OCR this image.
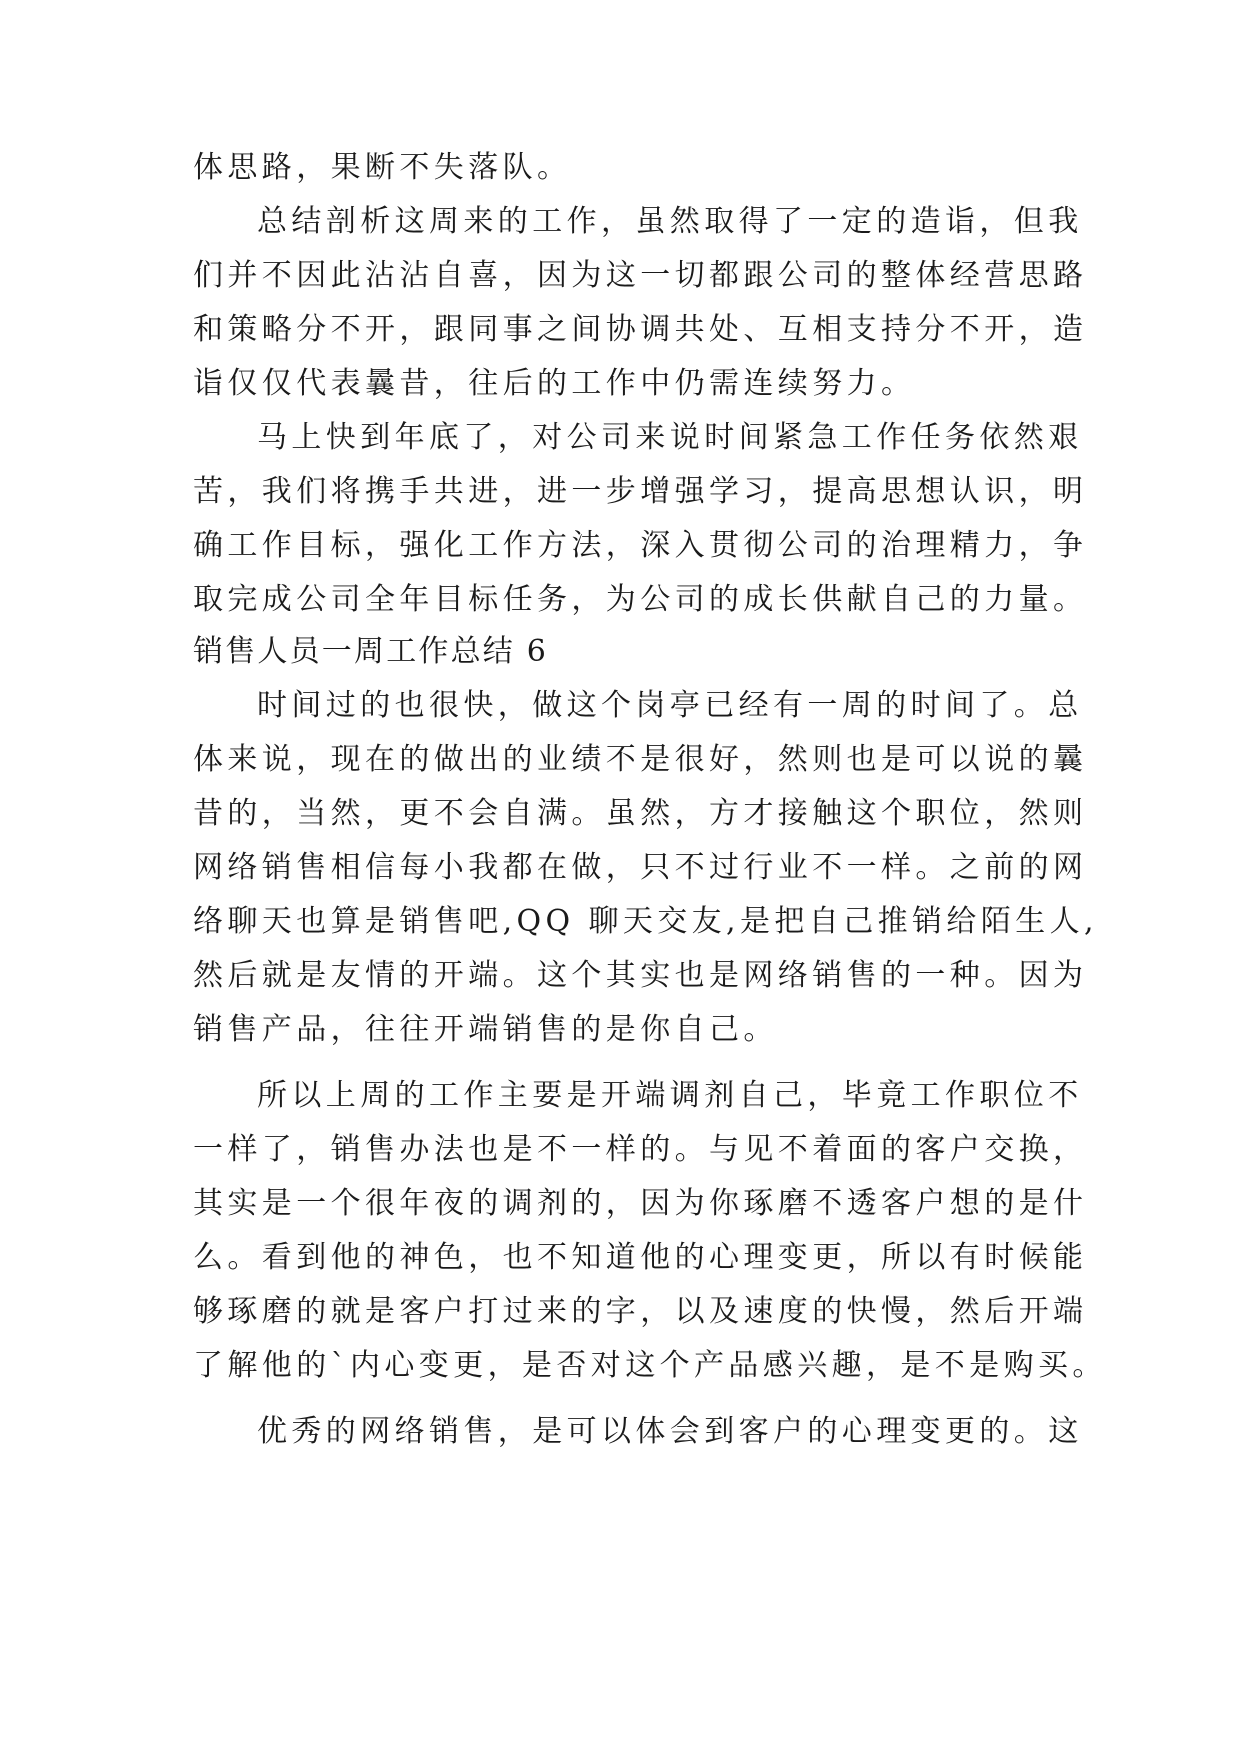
体思路，果断不失落队。
总结剖析这周来的工作，虽然取得了一定的造诣，但我
们并不因此沾沾自喜，因为这一切都跟公司的整体经营思路
和策略分不开，跟同事之间协调共处、互相支持分不开，造
诣仅仅代表曩昔，往后的工作中仍需连续努力。
马上快到年底了，对公司来说时间紧急工作任务依然艰
苦，我们将携手共进，进一步增强学习，提高思想认识，明
确工作目标，强化工作方法，深入贯彻公司的治理精力，争
取完成公司全年目标任务，为公司的成长供献自己的力量。
销售人员一周工作总结 6
时间过的也很快，做这个岗亭已经有一周的时间了。总
体来说，现在的做出的业绩不是很好，然则也是可以说的曩
昔的，当然，更不会自满。虽然，方才接触这个职位，然则
网络销售相信每小我都在做，只不过行业不一样。之前的网
络聊天也算是销售吧,QQ 聊天交友,是把自己推销给陌生人,
然后就是友情的开端。这个其实也是网络销售的一种。因为
销售产品，往往开端销售的是你自己。
所以上周的工作主要是开端调剂自己，毕竟工作职位不
一样了，销售办法也是不一样的。与见不着面的客户交换，
其实是一个很年夜的调剂的，因为你琢磨不透客户想的是什
么。看到他的神色，也不知道他的心理变更，所以有时候能
够琢磨的就是客户打过来的字，以及速度的快慢，然后开端
了解他的`内心变更，是否对这个产品感兴趣，是不是购买。
优秀的网络销售，是可以体会到客户的心理变更的。这
